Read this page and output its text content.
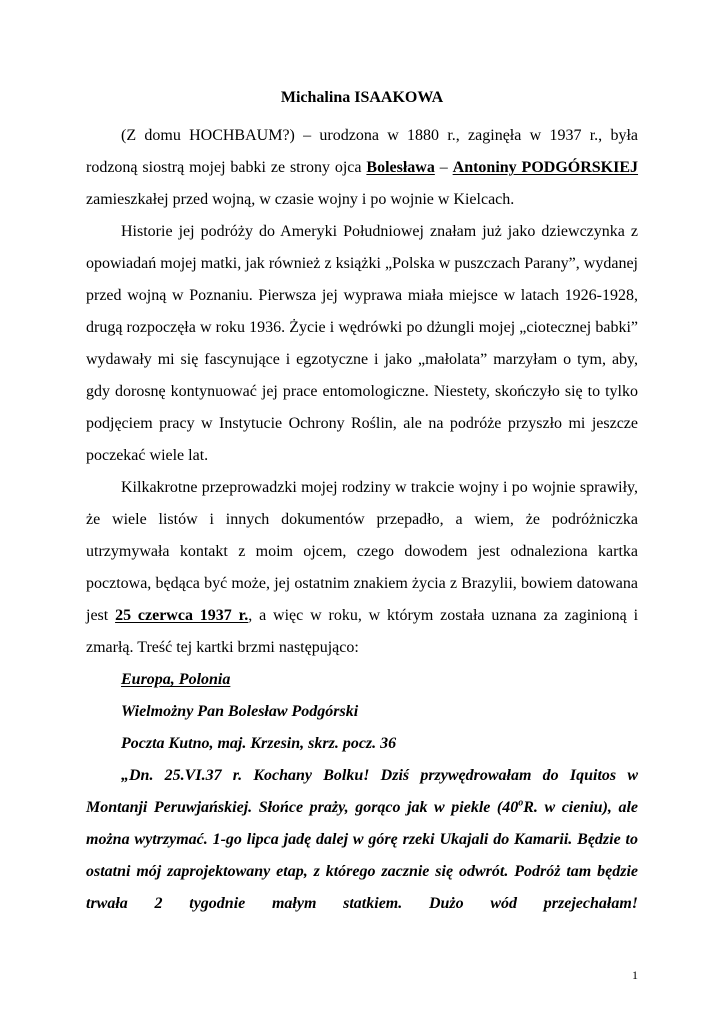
Michalina ISAAKOWA

(Z domu HOCHBAUM?) – urodzona w 1880 r., zaginęła w 1937 r., była rodzoną siostrą mojej babki ze strony ojca Bolesława – Antoniny PODGÓRSKIEJ zamieszkałej przed wojną, w czasie wojny i po wojnie w Kielcach.

Historie jej podróży do Ameryki Południowej znałam już jako dziewczynka z opowiadań mojej matki, jak również z książki „Polska w puszczach Parany”, wydanej przed wojną w Poznaniu. Pierwsza jej wyprawa miała miejsce w latach 1926-1928, drugą rozpoczęła w roku 1936. Życie i wędrówki po dżungli mojej „ciotecznej babki” wydawały mi się fascynujące i egzotyczne i jako „małolata” marzyłam o tym, aby, gdy dorosnę kontynuować jej prace entomologiczne. Niestety, skończyło się to tylko podjęciem pracy w Instytucie Ochrony Roślin, ale na podróże przyszło mi jeszcze poczekać wiele lat.

Kilkakrotne przeprowadzki mojej rodziny w trakcie wojny i po wojnie sprawiły, że wiele listów i innych dokumentów przepadło, a wiem, że podróżniczka utrzymywała kontakt z moim ojcem, czego dowodem jest odnaleziona kartka pocztowa, będąca być może, jej ostatnim znakiem życia z Brazylii, bowiem datowana jest 25 czerwca 1937 r., a więc w roku, w którym została uznana za zaginioną i zmarłą. Treść tej kartki brzmi następująco:

Europa, Polonia

Wielmożny Pan Bolesław Podgórski

Poczta Kutno, maj. Krzesin, skrz. pocz. 36

„Dn. 25.VI.37 r. Kochany Bolku! Dziś przywędrowałam do Iquitos w Montanji Peruwjańskiej. Słońce praży, gorąco jak w piekle (40$^o$R. w cieniu), ale można wytrzymać. 1-go lipca jadę dalej w górę rzeki Ukajali do Kamarii. Będzie to ostatni mój zaprojektowany etap, z którego zacznie się odwrót. Podróż tam będzie trwała 2 tygodnie małym statkiem. Dużo wód przejechałam!

1
